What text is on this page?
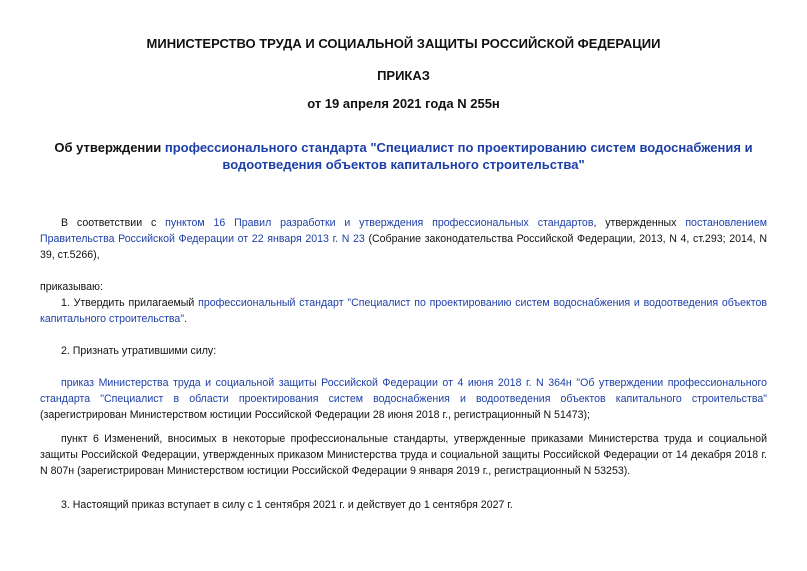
МИНИСТЕРСТВО ТРУДА И СОЦИАЛЬНОЙ ЗАЩИТЫ РОССИЙСКОЙ ФЕДЕРАЦИИ
ПРИКАЗ
от 19 апреля 2021 года N 255н
Об утверждении профессионального стандарта "Специалист по проектированию систем водоснабжения и водоотведения объектов капитального строительства"
В соответствии с пунктом 16 Правил разработки и утверждения профессиональных стандартов, утвержденных постановлением Правительства Российской Федерации от 22 января 2013 г. N 23 (Собрание законодательства Российской Федерации, 2013, N 4, ст.293; 2014, N 39, ст.5266),
приказываю:
1. Утвердить прилагаемый профессиональный стандарт "Специалист по проектированию систем водоснабжения и водоотведения объектов капитального строительства".
2. Признать утратившими силу:
приказ Министерства труда и социальной защиты Российской Федерации от 4 июня 2018 г. N 364н "Об утверждении профессионального стандарта "Специалист в области проектирования систем водоснабжения и водоотведения объектов капитального строительства" (зарегистрирован Министерством юстиции Российской Федерации 28 июня 2018 г., регистрационный N 51473);
пункт 6 Изменений, вносимых в некоторые профессиональные стандарты, утвержденные приказами Министерства труда и социальной защиты Российской Федерации, утвержденных приказом Министерства труда и социальной защиты Российской Федерации от 14 декабря 2018 г. N 807н (зарегистрирован Министерством юстиции Российской Федерации 9 января 2019 г., регистрационный N 53253).
3. Настоящий приказ вступает в силу с 1 сентября 2021 г. и действует до 1 сентября 2027 г.
